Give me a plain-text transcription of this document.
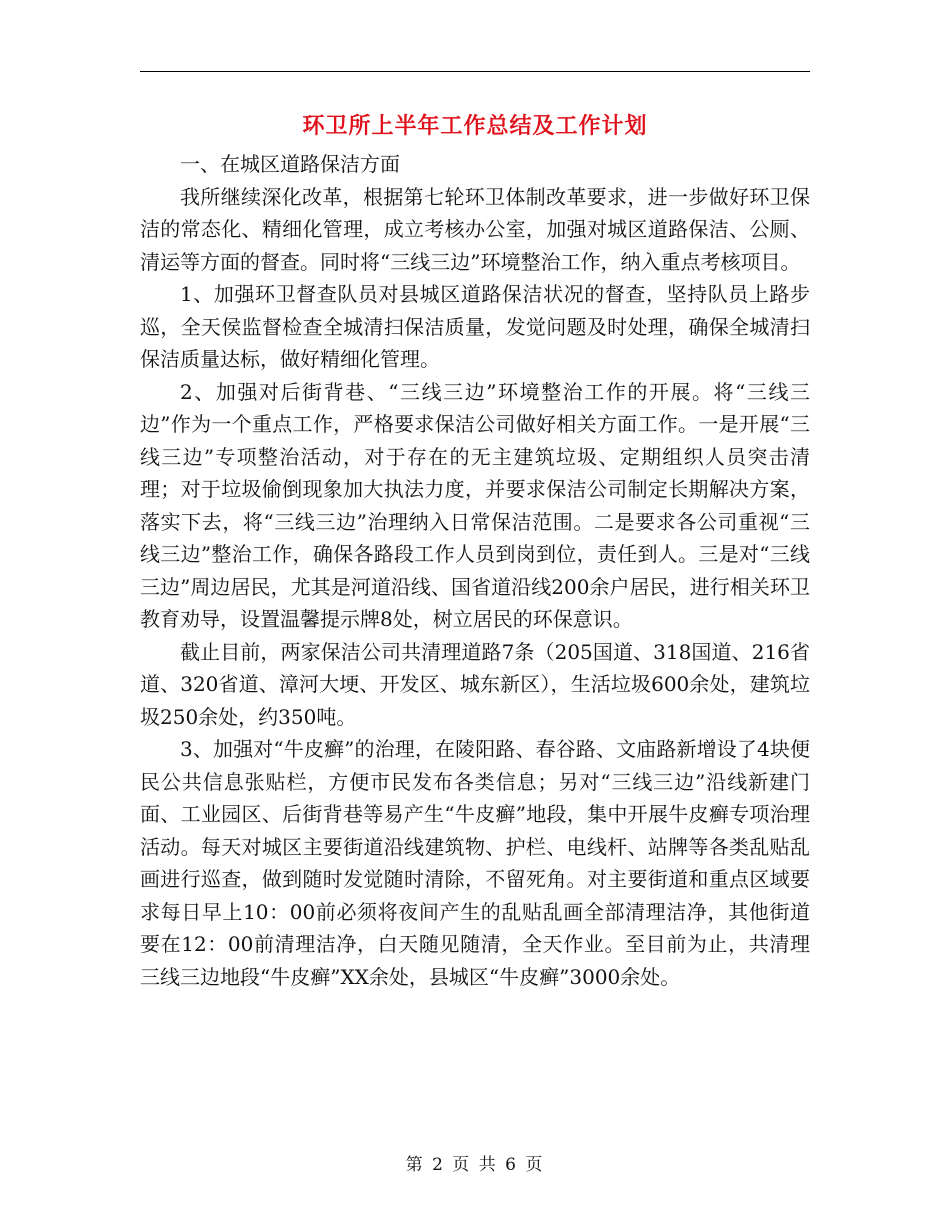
环卫所上半年工作总结及工作计划

一、在城区道路保洁方面

我所继续深化改革，根据第七轮环卫体制改革要求，进一步做好环卫保洁的常态化、精细化管理，成立考核办公室，加强对城区道路保洁、公厕、清运等方面的督查。同时将“三线三边”环境整治工作，纳入重点考核项目。

1、加强环卫督查队员对县城区道路保洁状况的督查，坚持队员上路步巡，全天侯监督检查全城清扫保洁质量，发觉问题及时处理，确保全城清扫保洁质量达标，做好精细化管理。

2、加强对后街背巷、“三线三边”环境整治工作的开展。将“三线三边”作为一个重点工作，严格要求保洁公司做好相关方面工作。一是开展“三线三边”专项整治活动，对于存在的无主建筑垃圾、定期组织人员突击清理；对于垃圾偷倒现象加大执法力度，并要求保洁公司制定长期解决方案，落实下去，将“三线三边”治理纳入日常保洁范围。二是要求各公司重视“三线三边”整治工作，确保各路段工作人员到岗到位，责任到人。三是对“三线三边”周边居民，尤其是河道沿线、国省道沿线200余户居民，进行相关环卫教育劝导，设置温馨提示牌8处，树立居民的环保意识。

截止目前，两家保洁公司共清理道路7条（205国道、318国道、216省道、320省道、漳河大埂、开发区、城东新区），生活垃圾600余处，建筑垃圾250余处，约350吨。

3、加强对“牛皮癣”的治理，在陵阳路、春谷路、文庙路新增设了4块便民公共信息张贴栏，方便市民发布各类信息；另对“三线三边”沿线新建门面、工业园区、后街背巷等易产生“牛皮癣”地段，集中开展牛皮癣专项治理活动。每天对城区主要街道沿线建筑物、护栏、电线杆、站牌等各类乱贴乱画进行巡查，做到随时发觉随时清除，不留死角。对主要街道和重点区域要求每日早上10：00前必须将夜间产生的乱贴乱画全部清理洁净，其他街道要在12：00前清理洁净，白天随见随清，全天作业。至目前为止，共清理三线三边地段“牛皮癣”XX余处，县城区“牛皮癣”3000余处。

第 2 页 共 6 页
